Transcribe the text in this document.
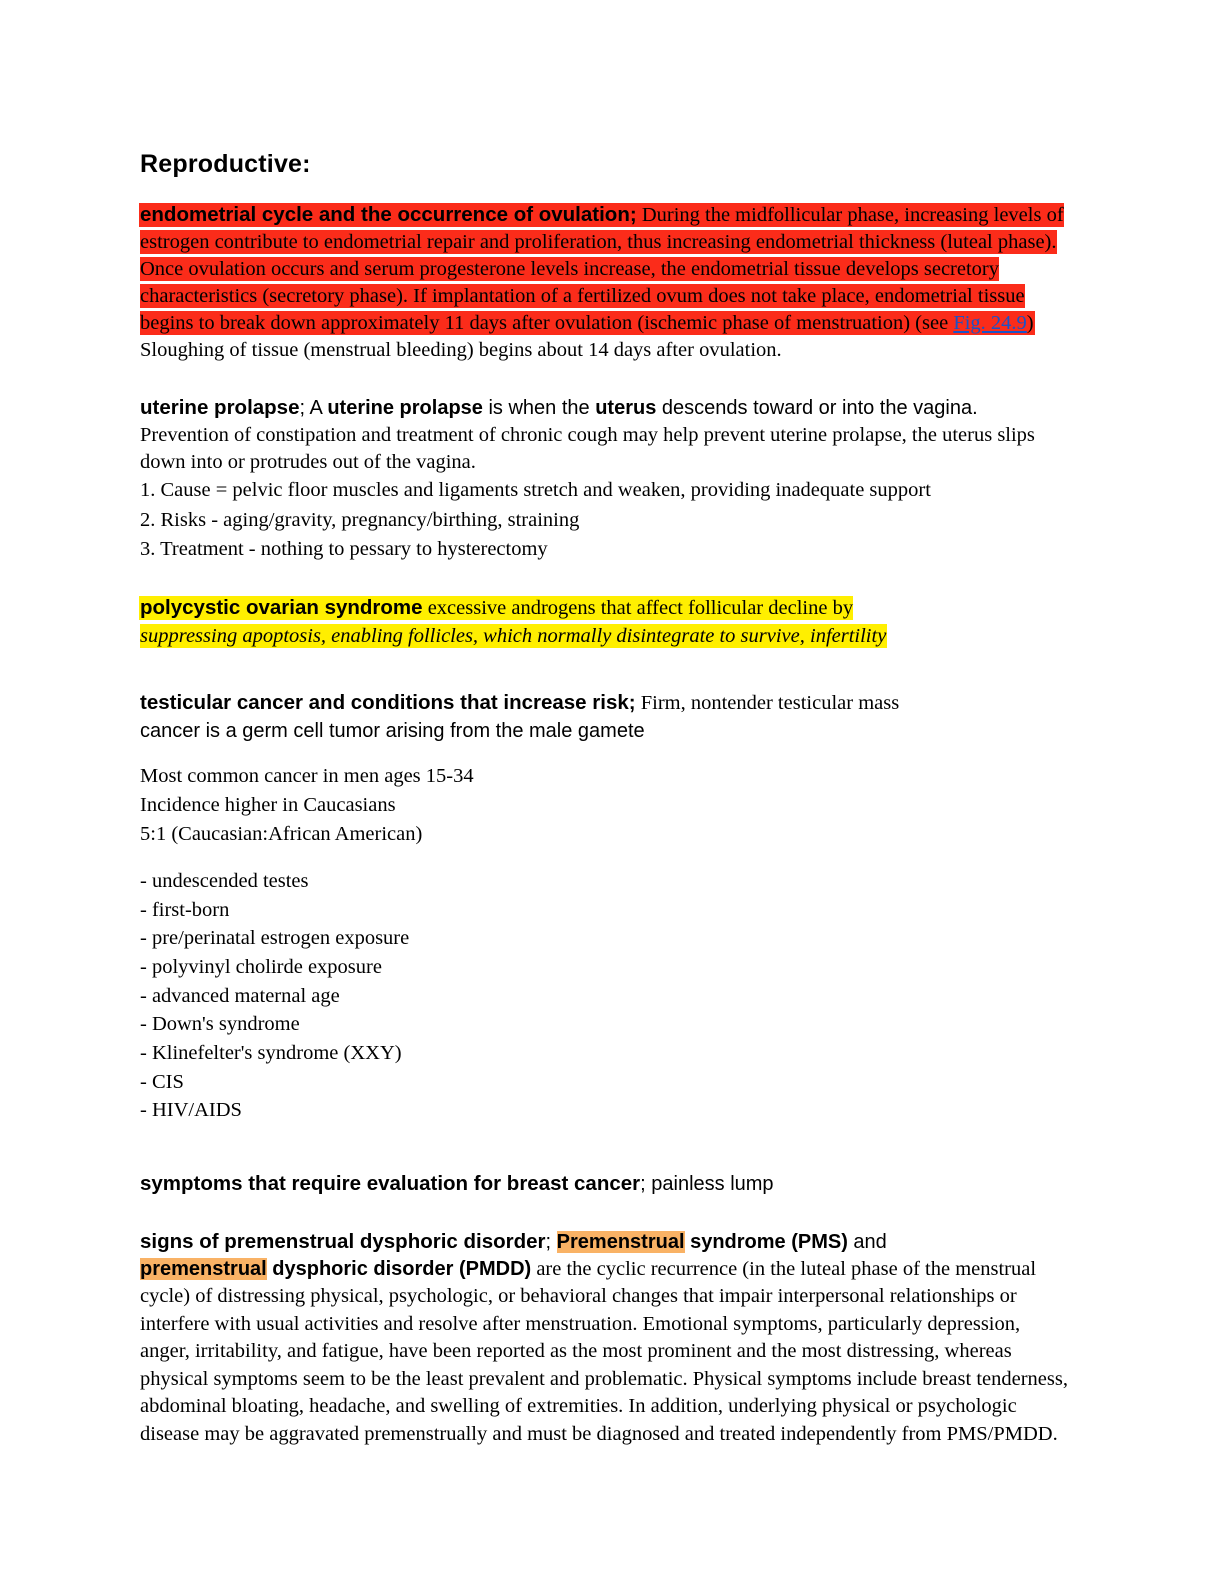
Reproductive:
endometrial cycle and the occurrence of ovulation; During the midfollicular phase, increasing levels of estrogen contribute to endometrial repair and proliferation, thus increasing endometrial thickness (luteal phase). Once ovulation occurs and serum progesterone levels increase, the endometrial tissue develops secretory characteristics (secretory phase). If implantation of a fertilized ovum does not take place, endometrial tissue begins to break down approximately 11 days after ovulation (ischemic phase of menstruation) (see Fig. 24.9)
Sloughing of tissue (menstrual bleeding) begins about 14 days after ovulation.
uterine prolapse; A uterine prolapse is when the uterus descends toward or into the vagina. Prevention of constipation and treatment of chronic cough may help prevent uterine prolapse, the uterus slips down into or protrudes out of the vagina.
1. Cause = pelvic floor muscles and ligaments stretch and weaken, providing inadequate support
2. Risks - aging/gravity, pregnancy/birthing, straining
3. Treatment - nothing to pessary to hysterectomy
polycystic ovarian syndrome excessive androgens that affect follicular decline by
suppressing apoptosis, enabling follicles, which normally disintegrate to survive, infertility
testicular cancer and conditions that increase risk; Firm, nontender testicular mass
cancer is a germ cell tumor arising from the male gamete
Most common cancer in men ages 15-34
Incidence higher in Caucasians
5:1 (Caucasian:African American)
- undescended testes
- first-born
- pre/perinatal estrogen exposure
- polyvinyl cholirde exposure
- advanced maternal age
- Down's syndrome
- Klinefelter's syndrome (XXY)
- CIS
- HIV/AIDS
symptoms that require evaluation for breast cancer; painless lump
signs of premenstrual dysphoric disorder; Premenstrual syndrome (PMS) and
premenstrual dysphoric disorder (PMDD) are the cyclic recurrence (in the luteal phase of the menstrual cycle) of distressing physical, psychologic, or behavioral changes that impair interpersonal relationships or interfere with usual activities and resolve after menstruation. Emotional symptoms, particularly depression, anger, irritability, and fatigue, have been reported as the most prominent and the most distressing, whereas physical symptoms seem to be the least prevalent and problematic. Physical symptoms include breast tenderness, abdominal bloating, headache, and swelling of extremities. In addition, underlying physical or psychologic disease may be aggravated premenstrually and must be diagnosed and treated independently from PMS/PMDD.
